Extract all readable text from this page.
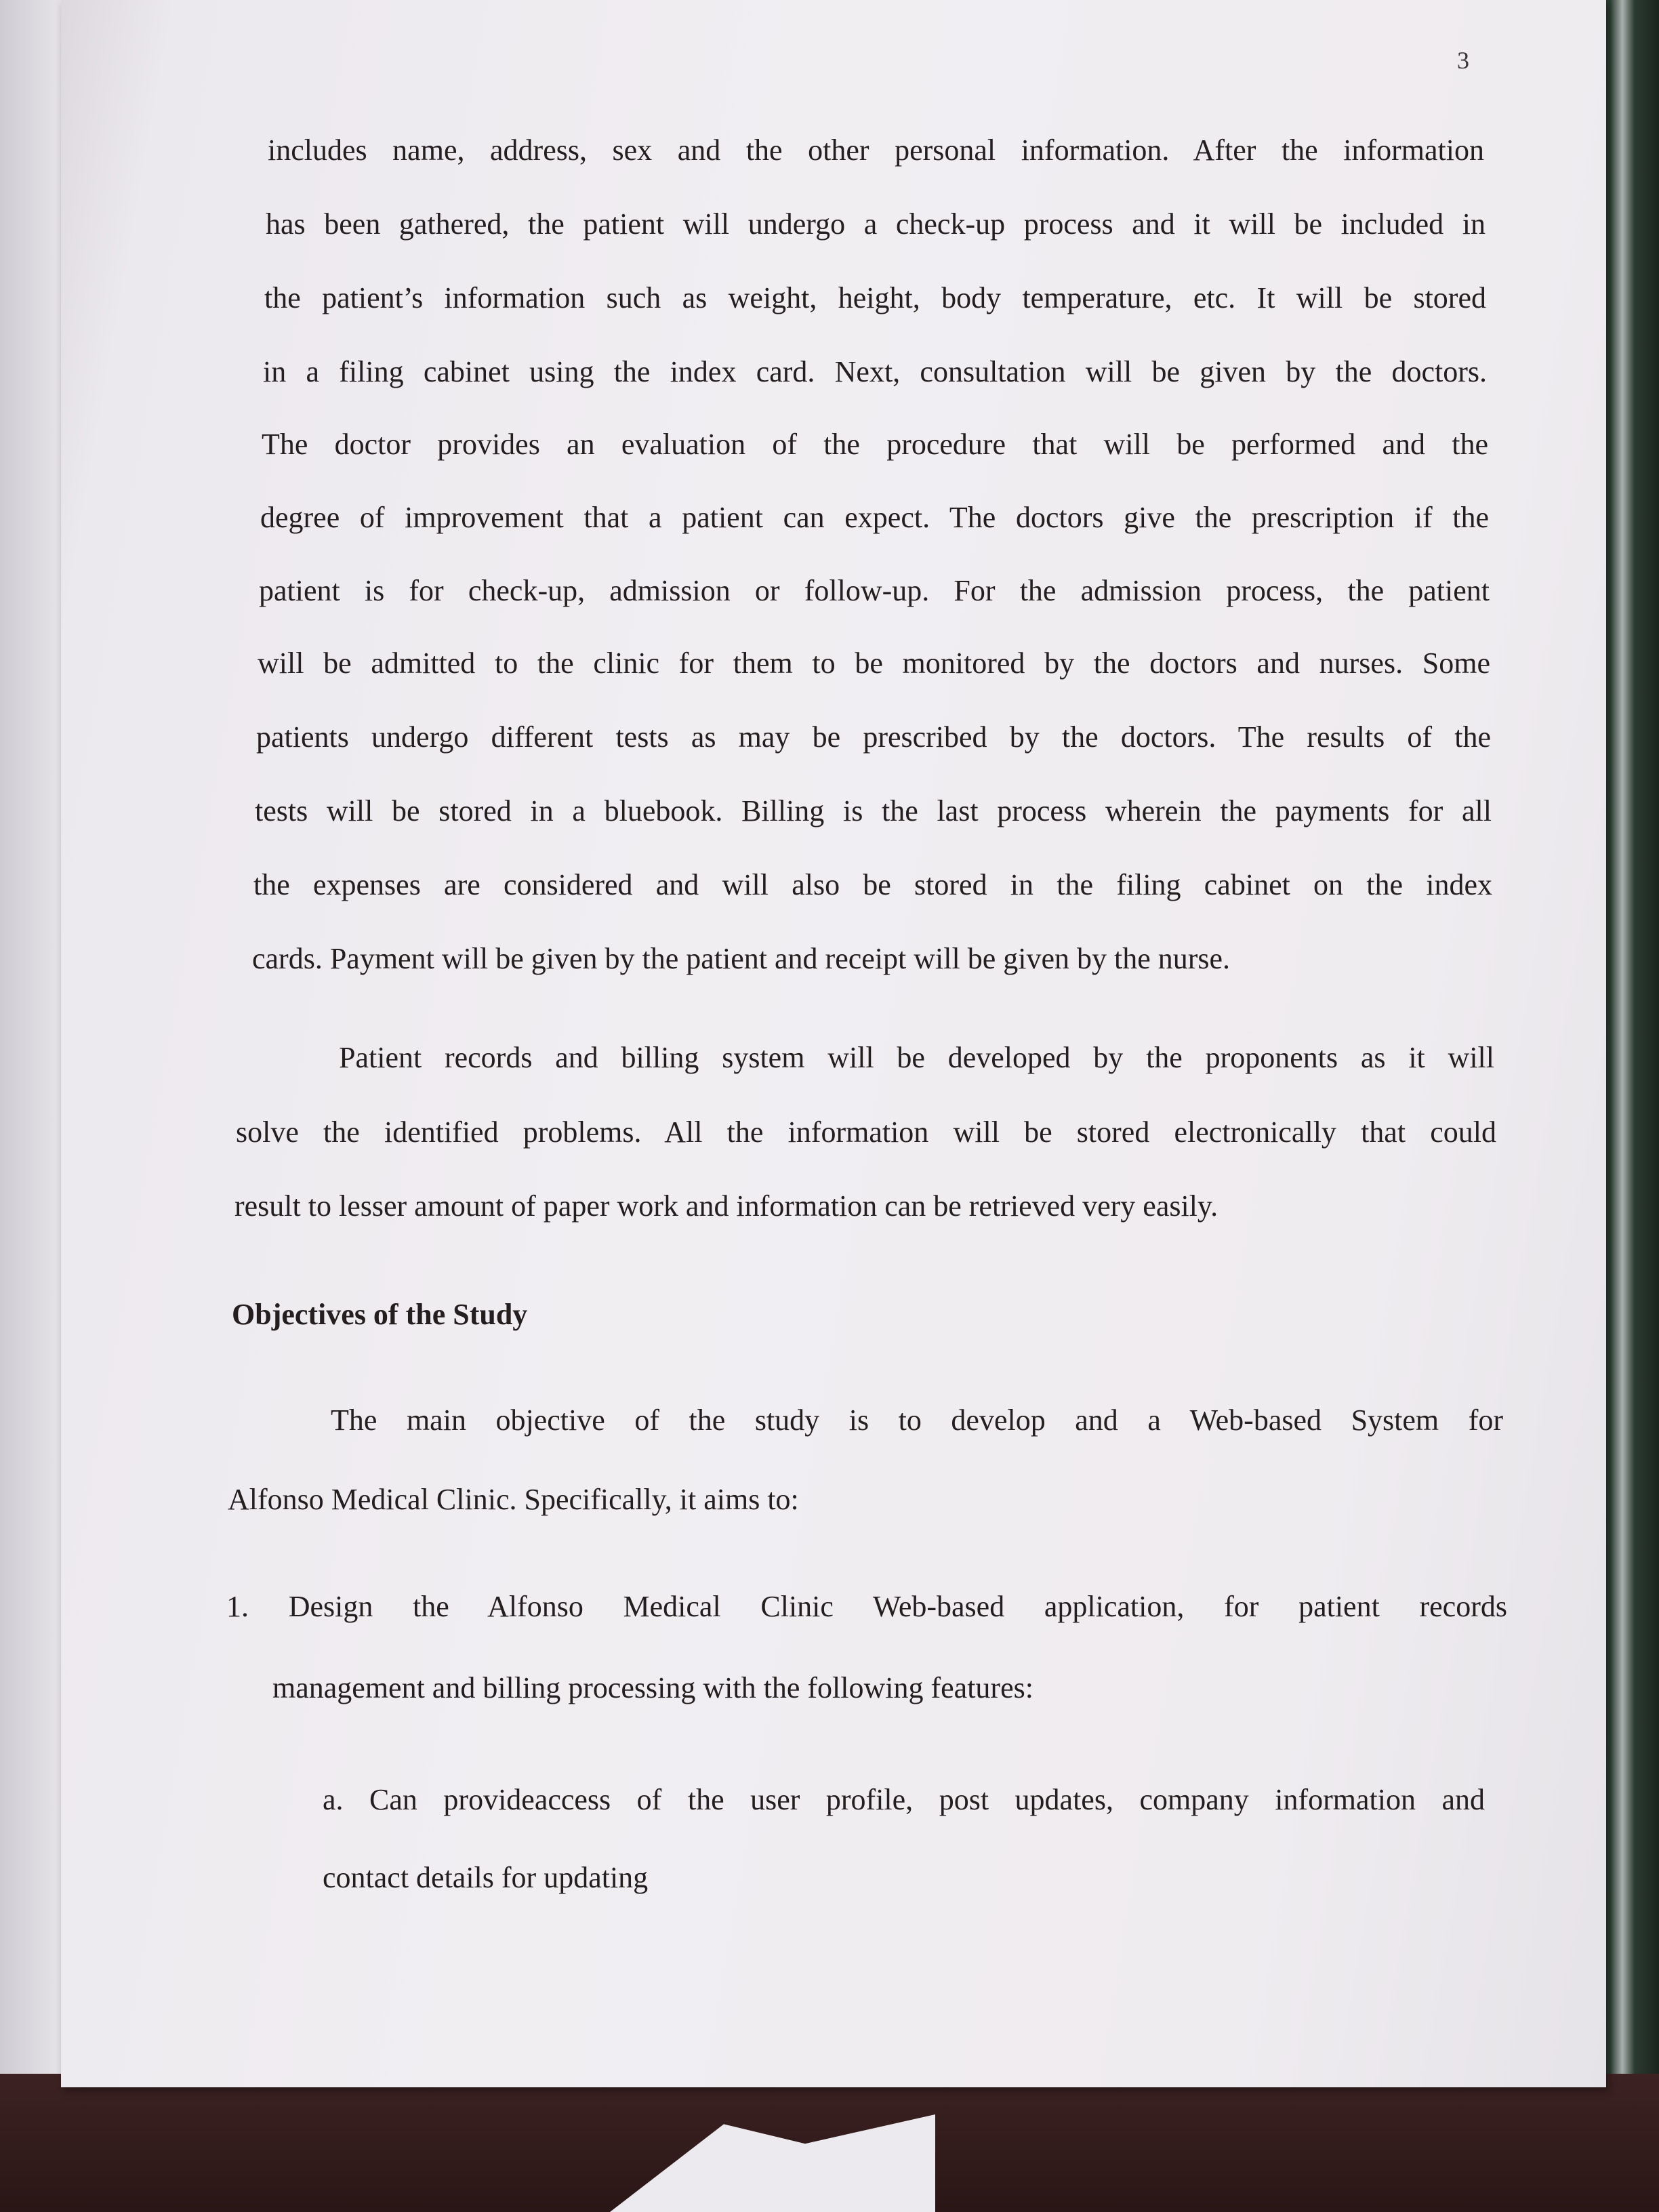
3
includes name, address, sex and the other personal information. After the information
has been gathered, the patient will undergo a check-up process and it will be included in
the patient’s information such as weight, height, body temperature, etc. It will be stored
in a filing cabinet using the index card. Next, consultation will be given by the doctors.
The doctor provides an evaluation of the procedure that will be performed and the
degree of improvement that a patient can expect. The doctors give the prescription if the
patient is for check-up, admission or follow-up. For the admission process, the patient
will be admitted to the clinic for them to be monitored by the doctors and nurses. Some
patients undergo different tests as may be prescribed by the doctors. The results of the
tests will be stored in a bluebook. Billing is the last process wherein the payments for all
the expenses are considered and will also be stored in the filing cabinet on the index
cards. Payment will be given by the patient and receipt will be given by the nurse.
Patient records and billing system will be developed by the proponents as it will
solve the identified problems. All the information will be stored electronically that could
result to lesser amount of paper work and information can be retrieved very easily.
Objectives of the Study
The main objective of the study is to develop and a Web-based System for
Alfonso Medical Clinic. Specifically, it aims to:
1. Design the Alfonso Medical Clinic Web-based application, for patient records
management and billing processing with the following features:
a. Can provideaccess of the user profile, post updates, company information and
contact details for updating
